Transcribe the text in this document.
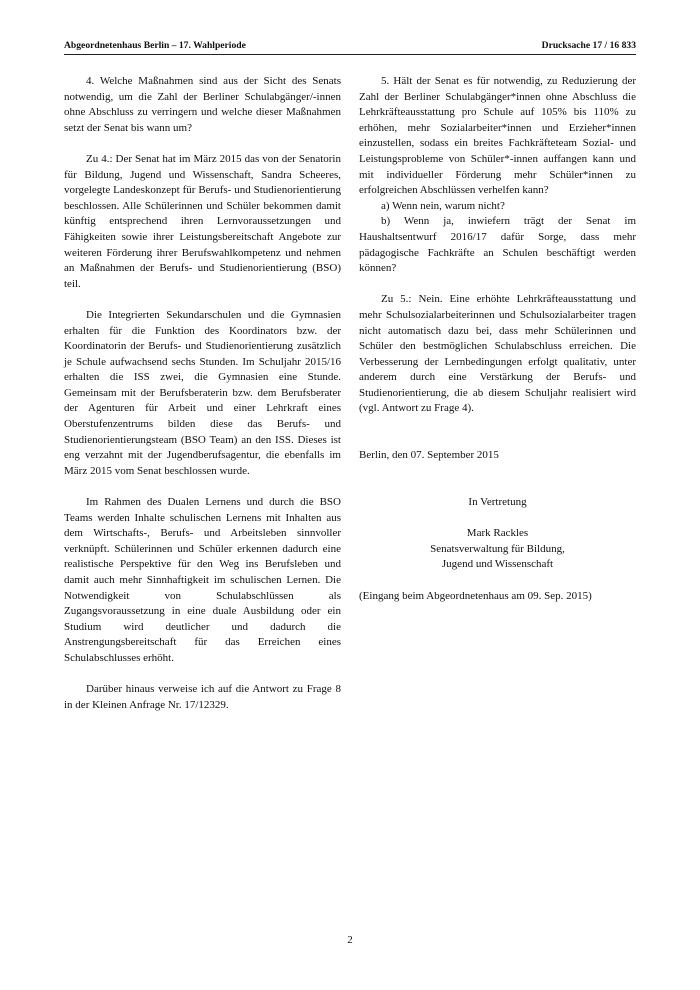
Abgeordnetenhaus Berlin – 17. Wahlperiode	Drucksache 17 / 16 833

4. Welche Maßnahmen sind aus der Sicht des Senats notwendig, um die Zahl der Berliner Schulabgänger/-innen ohne Abschluss zu verringern und welche dieser Maßnahmen setzt der Senat bis wann um?

Zu 4.: Der Senat hat im März 2015 das von der Senatorin für Bildung, Jugend und Wissenschaft, Sandra Scheeres, vorgelegte Landeskonzept für Berufs- und Studienorientierung beschlossen. Alle Schülerinnen und Schüler bekommen damit künftig entsprechend ihren Lernvoraussetzungen und Fähigkeiten sowie ihrer Leistungsbereitschaft Angebote zur weiteren Förderung ihrer Berufswahlkompetenz und nehmen an Maßnahmen der Berufs- und Studienorientierung (BSO) teil.

Die Integrierten Sekundarschulen und die Gymnasien erhalten für die Funktion des Koordinators bzw. der Koordinatorin der Berufs- und Studienorientierung zusätzlich je Schule aufwachsend sechs Stunden. Im Schuljahr 2015/16 erhalten die ISS zwei, die Gymnasien eine Stunde. Gemeinsam mit der Berufsberaterin bzw. dem Berufsberater der Agenturen für Arbeit und einer Lehrkraft eines Oberstufenzentrums bilden diese das Berufs- und Studienorientierungsteam (BSO Team) an den ISS. Dieses ist eng verzahnt mit der Jugendberufsagentur, die ebenfalls im März 2015 vom Senat beschlossen wurde.

Im Rahmen des Dualen Lernens und durch die BSO Teams werden Inhalte schulischen Lernens mit Inhalten aus dem Wirtschafts-, Berufs- und Arbeitsleben sinnvoller verknüpft. Schülerinnen und Schüler erkennen dadurch eine realistische Perspektive für den Weg ins Berufsleben und damit auch mehr Sinnhaftigkeit im schulischen Lernen. Die Notwendigkeit von Schulabschlüssen als Zugangsvoraussetzung in eine duale Ausbildung oder ein Studium wird deutlicher und dadurch die Anstrengungsbereitschaft für das Erreichen eines Schulabschlusses erhöht.

Darüber hinaus verweise ich auf die Antwort zu Frage 8 in der Kleinen Anfrage Nr. 17/12329.

5. Hält der Senat es für notwendig, zu Reduzierung der Zahl der Berliner Schulabgänger*innen ohne Abschluss die Lehrkräfteausstattung pro Schule auf 105% bis 110% zu erhöhen, mehr Sozialarbeiter*innen und Erzieher*innen einzustellen, sodass ein breites Fachkräfteteam Sozial- und Leistungsprobleme von Schüler*-innen auffangen kann und mit individueller Förderung mehr Schüler*innen zu erfolgreichen Abschlüssen verhelfen kann?

a) Wenn nein, warum nicht?

b) Wenn ja, inwiefern trägt der Senat im Haushaltsentwurf 2016/17 dafür Sorge, dass mehr pädagogische Fachkräfte an Schulen beschäftigt werden können?

Zu 5.: Nein. Eine erhöhte Lehrkräfteausstattung und mehr Schulsozialarbeiterinnen und Schulsozialarbeiter tragen nicht automatisch dazu bei, dass mehr Schülerinnen und Schüler den bestmöglichen Schulabschluss erreichen. Die Verbesserung der Lernbedingungen erfolgt qualitativ, unter anderem durch eine Verstärkung der Berufs- und Studienorientierung, die ab diesem Schuljahr realisiert wird (vgl. Antwort zu Frage 4).

Berlin, den 07. September 2015

In Vertretung

Mark Rackles

Senatsverwaltung für Bildung,

Jugend und Wissenschaft

(Eingang beim Abgeordnetenhaus am 09. Sep. 2015)

2
